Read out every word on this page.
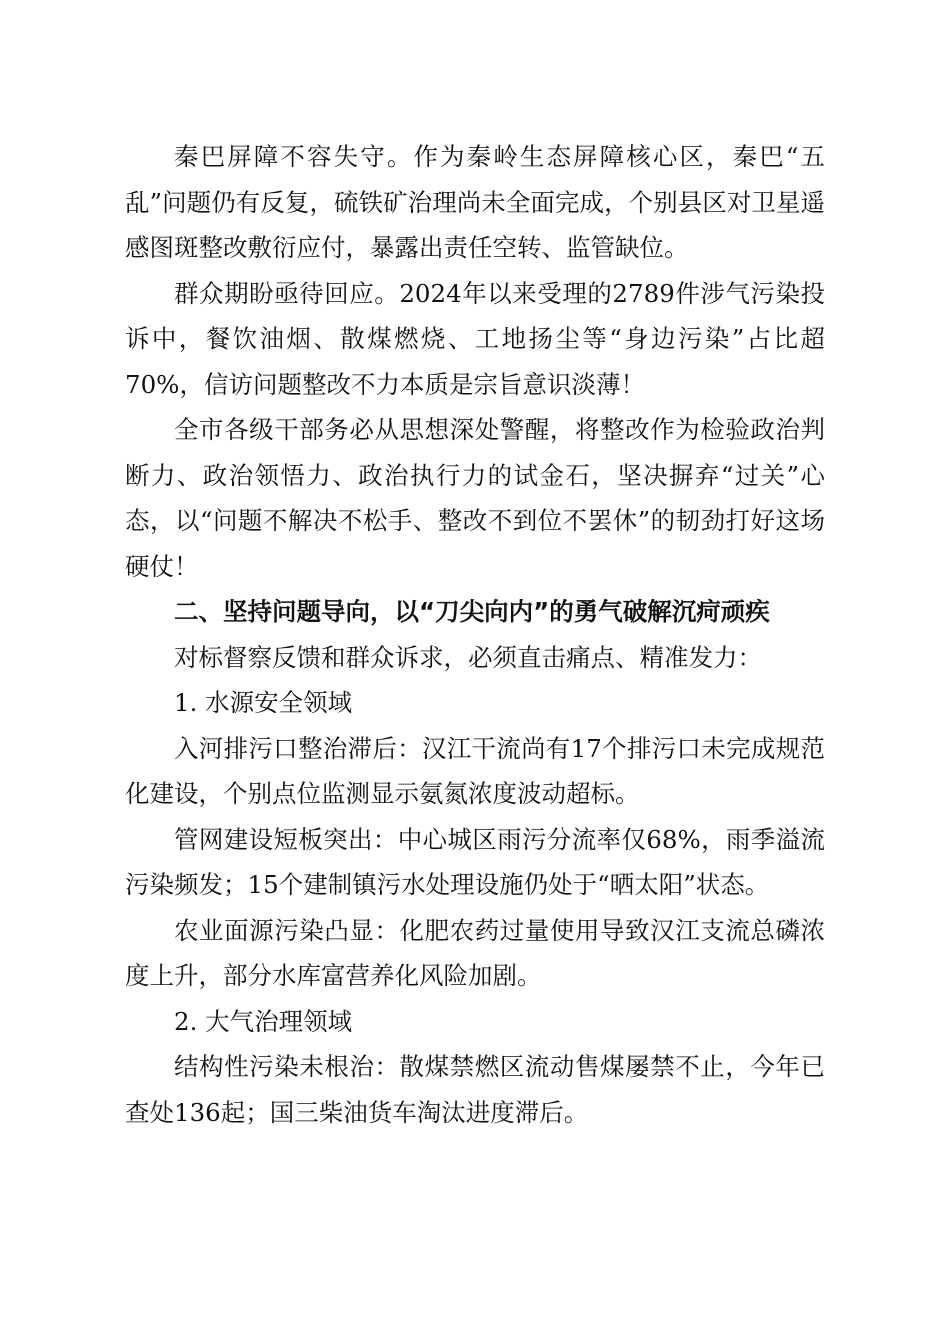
秦巴屏障不容失守。作为秦岭生态屏障核心区，秦巴“五乱”问题仍有反复，硫铁矿治理尚未全面完成，个别县区对卫星遥感图斑整改敷衍应付，暴露出责任空转、监管缺位。

群众期盼亟待回应。2024年以来受理的2789件涉气污染投诉中，餐饮油烟、散煤燃烧、工地扬尘等“身边污染”占比超70%，信访问题整改不力本质是宗旨意识淡薄！

全市各级干部务必从思想深处警醒，将整改作为检验政治判断力、政治领悟力、政治执行力的试金石，坚决摒弃“过关”心态，以“问题不解决不松手、整改不到位不罢休”的韧劲打好这场硬仗！

二、坚持问题导向，以“刀尖向内”的勇气破解沉疴顽疾

对标督察反馈和群众诉求，必须直击痛点、精准发力：

1. 水源安全领域

入河排污口整治滞后：汉江干流尚有17个排污口未完成规范化建设，个别点位监测显示氨氮浓度波动超标。

管网建设短板突出：中心城区雨污分流率仅68%，雨季溢流污染频发；15个建制镇污水处理设施仍处于“晒太阳”状态。

农业面源污染凸显：化肥农药过量使用导致汉江支流总磷浓度上升，部分水库富营养化风险加剧。

2. 大气治理领域

结构性污染未根治：散煤禁燃区流动售煤屡禁不止，今年已查处136起；国三柴油货车淘汰进度滞后。
